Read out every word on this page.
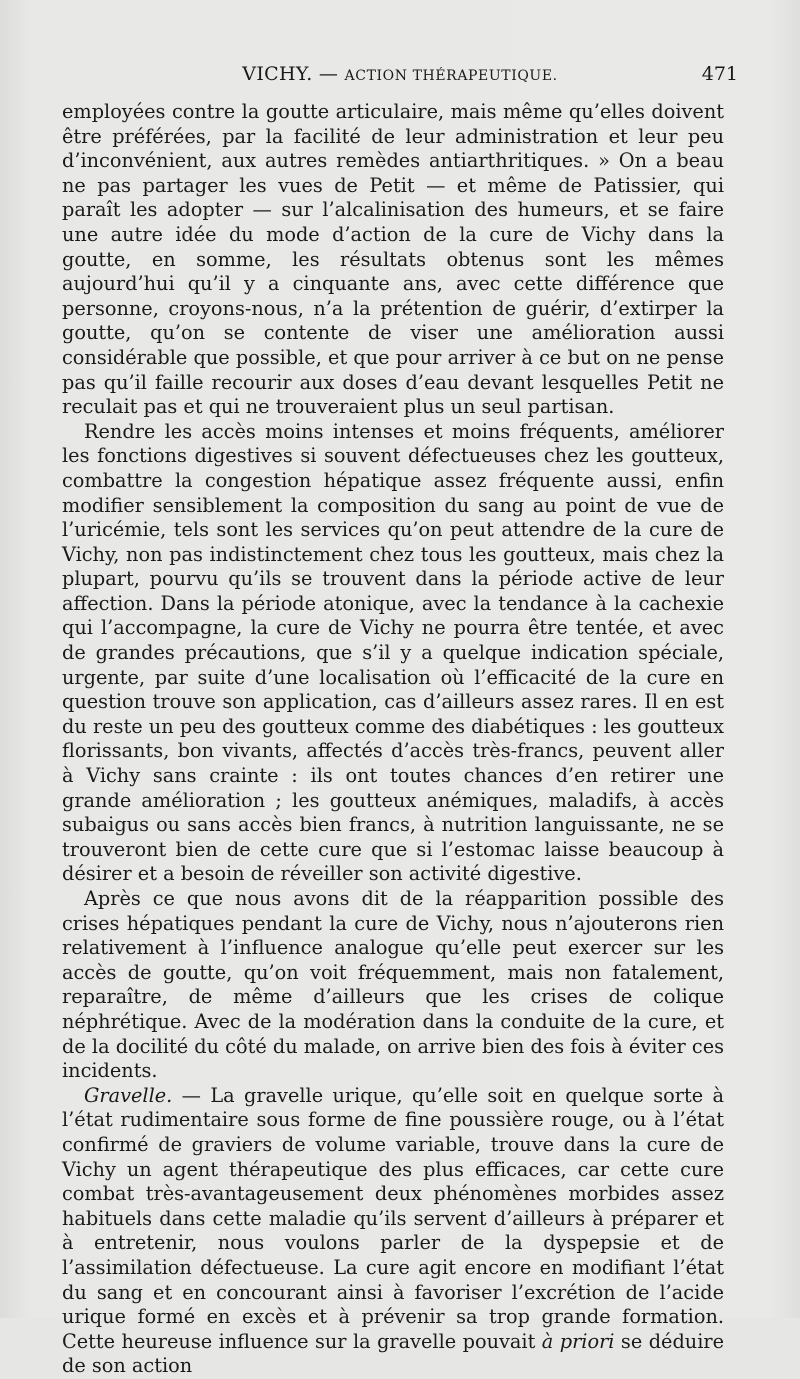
VICHY. — ACTION THÉRAPEUTIQUE.	471

employées contre la goutte articulaire, mais même qu’elles doivent être préférées, par la facilité de leur administration et leur peu d’inconvénient, aux autres remèdes antiarthritiques. » On a beau ne pas partager les vues de Petit — et même de Patissier, qui paraît les adopter — sur l’alcalinisation des humeurs, et se faire une autre idée du mode d’action de la cure de Vichy dans la goutte, en somme, les résultats obtenus sont les mêmes aujourd’hui qu’il y a cinquante ans, avec cette différence que personne, croyons-nous, n’a la prétention de guérir, d’extirper la goutte, qu’on se contente de viser une amélioration aussi considérable que possible, et que pour arriver à ce but on ne pense pas qu’il faille recourir aux doses d’eau devant lesquelles Petit ne reculait pas et qui ne trouveraient plus un seul partisan.

Rendre les accès moins intenses et moins fréquents, améliorer les fonctions digestives si souvent défectueuses chez les goutteux, combattre la congestion hépatique assez fréquente aussi, enfin modifier sensiblement la composition du sang au point de vue de l’uricémie, tels sont les services qu’on peut attendre de la cure de Vichy, non pas indistinctement chez tous les goutteux, mais chez la plupart, pourvu qu’ils se trouvent dans la période active de leur affection. Dans la période atonique, avec la tendance à la cachexie qui l’accompagne, la cure de Vichy ne pourra être tentée, et avec de grandes précautions, que s’il y a quelque indication spéciale, urgente, par suite d’une localisation où l’efficacité de la cure en question trouve son application, cas d’ailleurs assez rares. Il en est du reste un peu des goutteux comme des diabétiques : les goutteux florissants, bon vivants, affectés d’accès très-francs, peuvent aller à Vichy sans crainte : ils ont toutes chances d’en retirer une grande amélioration ; les goutteux anémiques, maladifs, à accès subaigus ou sans accès bien francs, à nutrition languissante, ne se trouveront bien de cette cure que si l’estomac laisse beaucoup à désirer et a besoin de réveiller son activité digestive.

Après ce que nous avons dit de la réapparition possible des crises hépatiques pendant la cure de Vichy, nous n’ajouterons rien relativement à l’influence analogue qu’elle peut exercer sur les accès de goutte, qu’on voit fréquemment, mais non fatalement, reparaître, de même d’ailleurs que les crises de colique néphrétique. Avec de la modération dans la conduite de la cure, et de la docilité du côté du malade, on arrive bien des fois à éviter ces incidents.

Gravelle. — La gravelle urique, qu’elle soit en quelque sorte à l’état rudimentaire sous forme de fine poussière rouge, ou à l’état confirmé de graviers de volume variable, trouve dans la cure de Vichy un agent thérapeutique des plus efficaces, car cette cure combat très-avantageusement deux phénomènes morbides assez habituels dans cette maladie qu’ils servent d’ailleurs à préparer et à entretenir, nous voulons parler de la dyspepsie et de l’assimilation défectueuse. La cure agit encore en modifiant l’état du sang et en concourant ainsi à favoriser l’excrétion de l’acide urique formé en excès et à prévenir sa trop grande formation. Cette heureuse influence sur la gravelle pouvait à priori se déduire de son action
